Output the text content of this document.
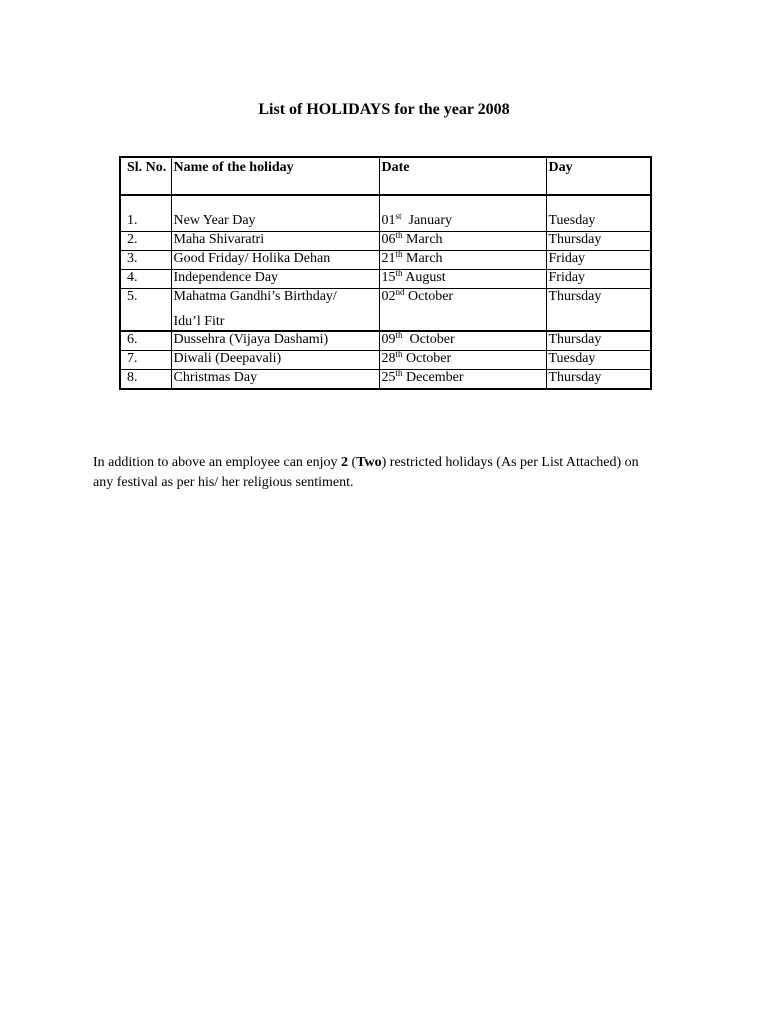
List of HOLIDAYS for the year 2008
Sl. No.	Name of the holiday	Date	Day

1.	New Year Day	01st January	Tuesday
2.	Maha Shivaratri	06th March	Thursday
3.	Good Friday/ Holika Dehan	21th March	Friday
4.	Independence Day	15th August	Friday
5.	Mahatma Gandhi’s Birthday/
Idu’l Fitr	02nd October	Thursday
6.	Dussehra (Vijaya Dashami)	09th October	Thursday
7.	Diwali (Deepavali)	28th October	Tuesday
8.	Christmas Day	25th December	Thursday

In addition to above an employee can enjoy 2 (Two) restricted holidays (As per List Attached) on any festival as per his/ her religious sentiment.
